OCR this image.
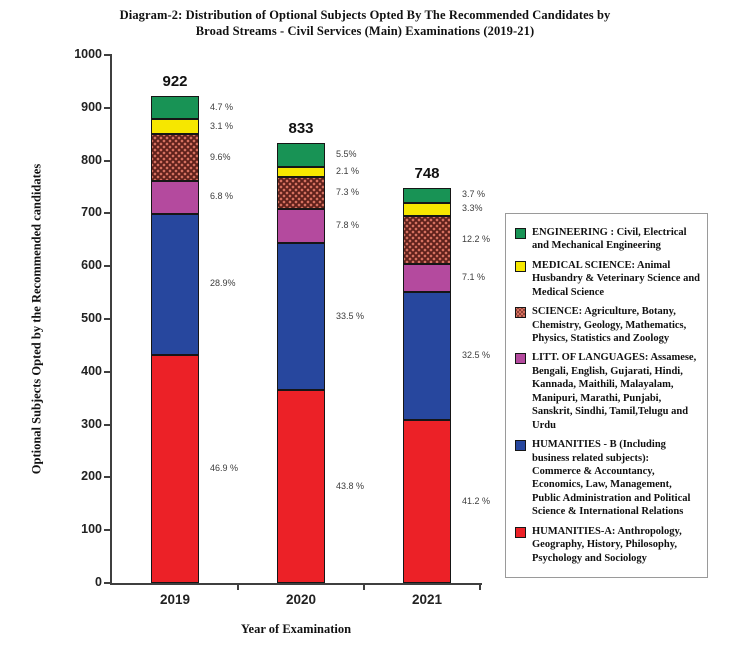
Diagram-2: Distribution of Optional Subjects Opted By The Recommended Candidates by
Broad Streams - Civil Services (Main) Examinations (2019-21)
Optional Subjects Opted by the Recommended candidates
0
100
200
300
400
500
600
700
800
900
1000
46.9 %
28.9%
6.8 %
9.6%
3.1 %
4.7 %
922
2019
43.8 %
33.5 %
7.8 %
7.3 %
2.1 %
5.5%
833
2020
41.2 %
32.5 %
7.1 %
12.2 %
3.3%
3.7 %
748
2021
Year of Examination
ENGINEERING : Civil, Electrical and Mechanical Engineering
MEDICAL SCIENCE: Animal Husbandry & Veterinary Science and Medical Science
SCIENCE: Agriculture, Botany, Chemistry, Geology, Mathematics, Physics, Statistics and Zoology
LITT. OF LANGUAGES: Assamese, Bengali, English, Gujarati, Hindi, Kannada, Maithili, Malayalam, Manipuri, Marathi, Punjabi, Sanskrit, Sindhi, Tamil,Telugu and Urdu
HUMANITIES - B (Including business related subjects): Commerce & Accountancy, Economics, Law, Management, Public Administration and Political Science & International Relations
HUMANITIES-A: Anthropology, Geography, History, Philosophy, Psychology and Sociology
